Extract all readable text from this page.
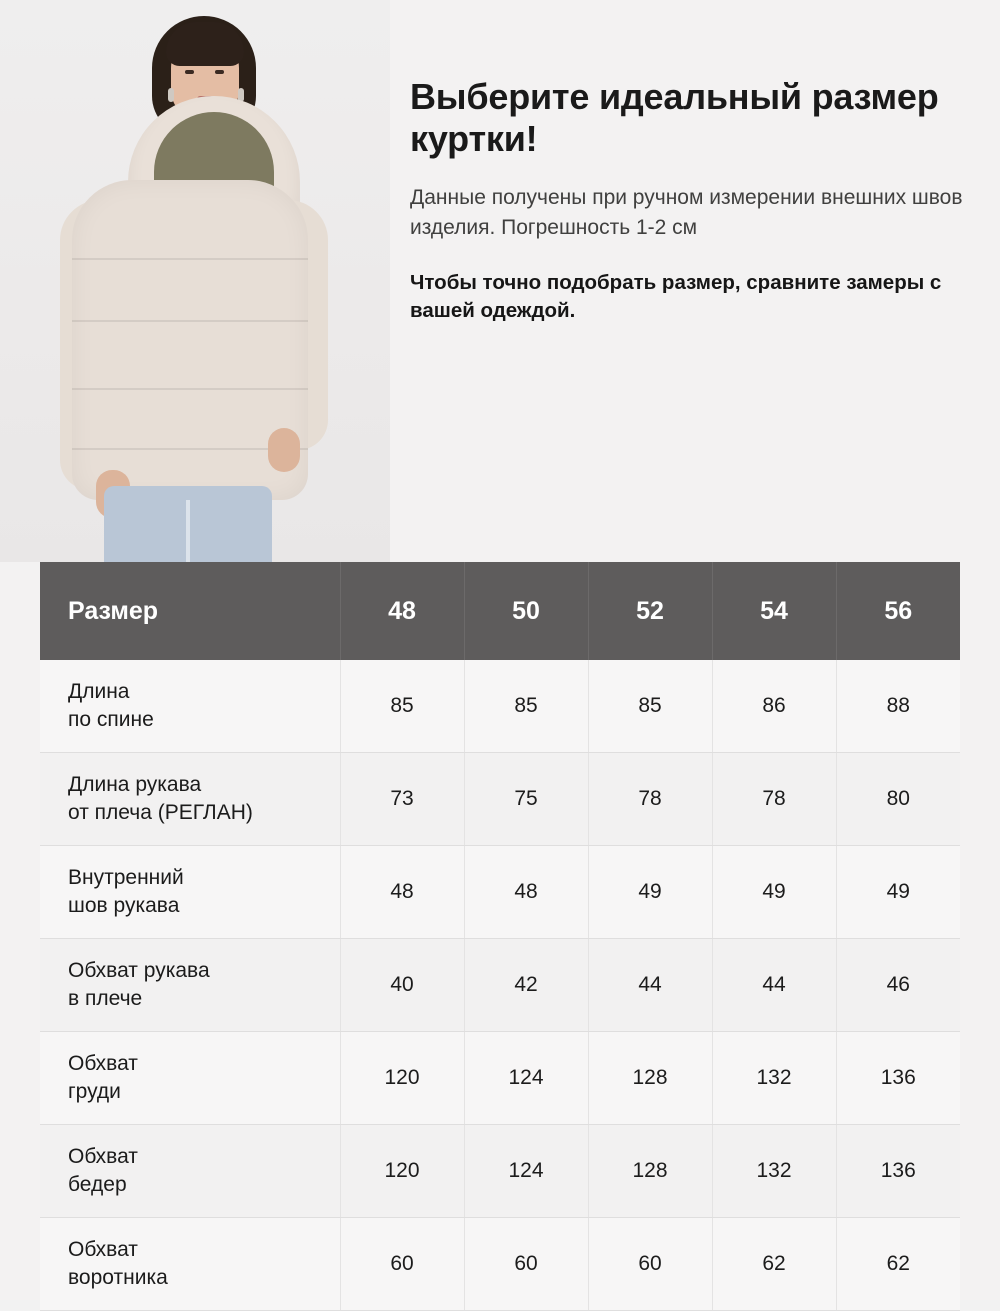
Выберите идеальный размер куртки!

Данные получены при ручном измерении внешних швов изделия. Погрешность 1-2 см

Чтобы точно подобрать размер, сравните замеры с вашей одеждой.

Размер	48	50	52	54	56

Длина
по спине	85	85	85	86	88

Длина рукава
от плеча (РЕГЛАН)	73	75	78	78	80

Внутренний
шов рукава	48	48	49	49	49

Обхват рукава
в плече	40	42	44	44	46

Обхват
груди	120	124	128	132	136

Обхват
бедер	120	124	128	132	136

Обхват
воротника	60	60	60	62	62
